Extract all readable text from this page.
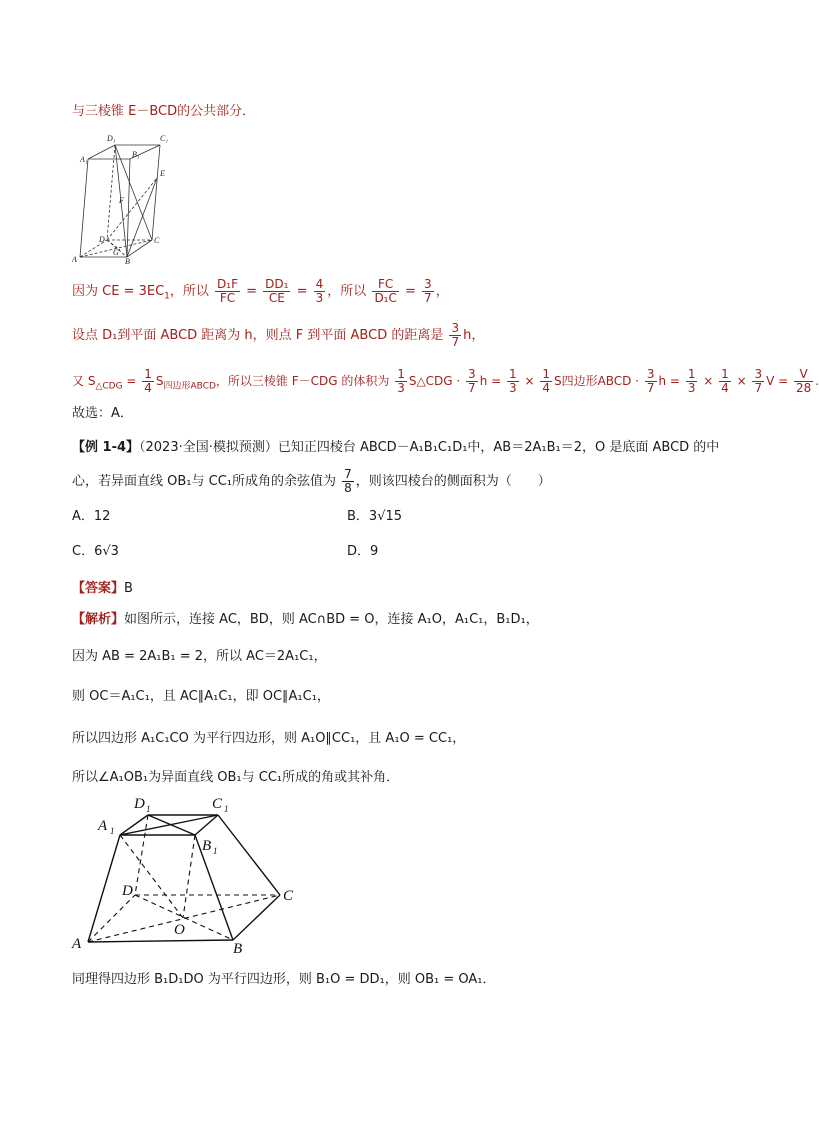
与三棱锥 E－BCD的公共部分．
D₁	C₁
A₁
B₁
E
F
D	C
A	B
G
因为 CE = $3EC_1$，所以 $\frac{\text{D₁F}}{FC} = \frac{\text{DD₁}}{CE} = \frac{4}{3}$ ，所以 $\frac{FC}{\text{D₁C}} = \frac{3}{7}$ ，
设点 D₁到平面 ABCD 距离为 h，则点 F 到平面 ABCD 的距离是 $\frac{3}{7}$ h，
又 $S_{\triangle CDG} = \frac{1}{4} S_{四边形ABCD}$，所以三棱锥 F－CDG 的体积为 $\frac{1}{3}$ S△CDG · $\frac{3}{7}$ $h = \frac{1}{3} \times \frac{1}{4}$ S四边形ABCD · $\frac{3}{7}$ $h = \frac{1}{3} \times \frac{1}{4} \times \frac{3}{7}$ $V = \frac{V}{28}$ .
故选：A．
【例 1-4】（2023·全国·模拟预测）已知正四棱台 ABCD－A₁B₁C₁D₁中，AB＝2A₁B₁＝2，O 是底面 ABCD 的中
心，若异面直线 OB₁与 CC₁所成角的余弦值为 $\frac{7}{8}$ ，则该四棱台的侧面积为（　　）
A．12	B．3√15
C．6√3	D．9
【答案】B
【解析】如图所示，连接 AC，BD，则 AC∩BD = O，连接 A₁O，A₁C₁，B₁D₁，
因为 AB = 2A₁B₁ = 2，所以 AC＝2A₁C₁，
则 OC＝A₁C₁，且 AC∥A₁C₁，即 OC∥A₁C₁，
所以四边形 A₁C₁CO 为平行四边形，则 A₁O∥CC₁，且 A₁O = CC₁，
所以∠A₁OB₁为异面直线 OB₁与 CC₁所成的角或其补角．
D 1	C 1
A 1
B 1
D	C
O
A	B
同理得四边形 B₁D₁DO 为平行四边形，则 B₁O = DD₁，则 OB₁ = OA₁．
